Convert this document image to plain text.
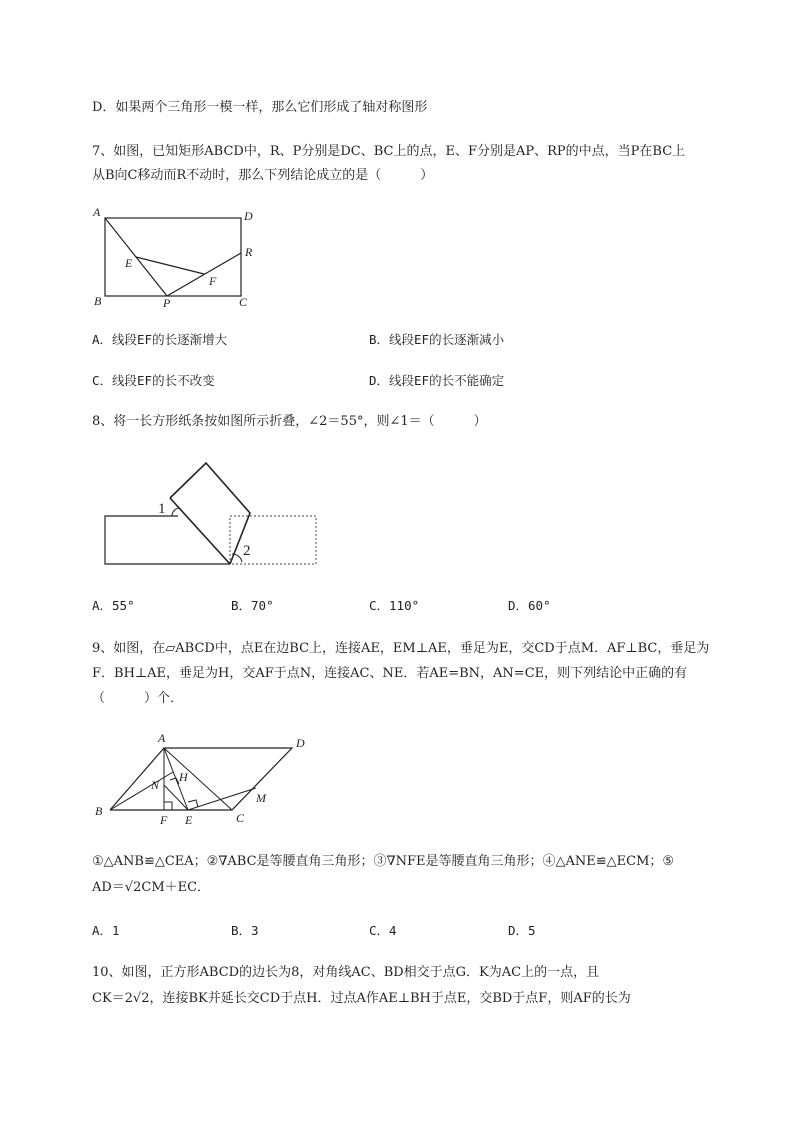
D．如果两个三角形一模一样，那么它们形成了轴对称图形
7、如图，已知矩形ABCD中，R、P分别是DC、BC上的点，E、F分别是AP、RP的中点，当P在BC上
从B向C移动而R不动时，那么下列结论成立的是（　　　）
A	D
R
E
F
B	P	C
A．线段EF的长逐渐增大	B．线段EF的长逐渐减小
C．线段EF的长不改变	D．线段EF的长不能确定
8、将一长方形纸条按如图所示折叠，∠2＝55°，则∠1＝（　　　）
1
2
A．55°	B．70°	C．110°	D．60°
9、如图，在▱ABCD中，点E在边BC上，连接AE，EM⊥AE，垂足为E，交CD于点M．AF⊥BC，垂足为
F．BH⊥AE，垂足为H，交AF于点N，连接AC、NE．若AE=BN，AN=CE，则下列结论中正确的有
（　　　）个．
A	D
H
N
M
B
F E	C
①△ANB≌△CEA；②∇ABC是等腰直角三角形；③∇NFE是等腰直角三角形；④△ANE≌△ECM；⑤
AD＝√2CM＋EC．
A．1	B．3	C．4	D．5
10、如图，正方形ABCD的边长为8，对角线AC、BD相交于点G．K为AC上的一点，且
CK＝2√2，连接BK并延长交CD于点H．过点A作AE⊥BH于点E，交BD于点F，则AF的长为
